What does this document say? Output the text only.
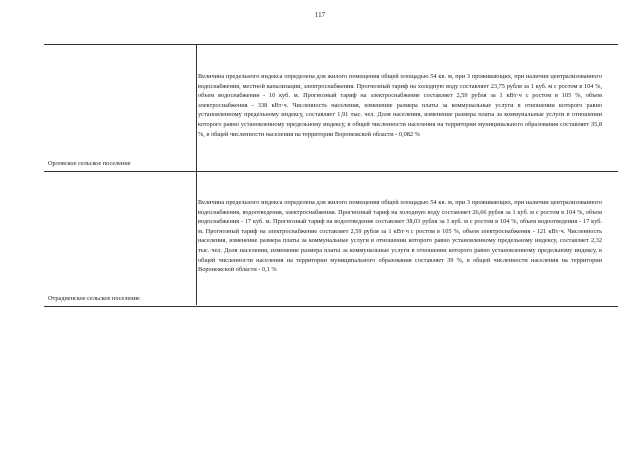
117
Величина предельного индекса определена для жилого помещения общей площадью 54 кв. м, при 3 проживающих, при наличии централизованного водоснабжения, местной канализации, электроснабжения. Прогнозный тариф на холодную воду составляет 23,75 рубля за 1 куб. м с ростом в 104 %, объем водоснабжения - 10 куб. м. Прогнозный тариф на электроснабжение составляет 2,59 рубля за 1 кВт·ч с ростом в 105 %, объем электроснабжения - 338 кВт·ч. Численность населения, изменение размера платы за коммунальные услуги в отношении которого равно установленному предельному индексу, составляет 1,91 тыс. чел. Доля населения, изменение размера платы за коммунальные услуги в отношении которого равно установленному предельному индексу, в общей численности населения на территории муниципального образования составляет 35,8 %, в общей численности населения на территории Воронежской области - 0,082 %
Орловское сельское поселение
Величина предельного индекса определена для жилого помещения общей площадью 54 кв. м, при 3 проживающих, при наличии централизованного водоснабжения, водоотведения, электроснабжения. Прогнозный тариф на холодную воду составляет 26,66 рубля за 1 куб. м с ростом в 104 %, объем водоснабжения - 17 куб. м. Прогнозный тариф на водоотведение составляет 38,03 рубля за 1 куб. м с ростом в 104 %, объем водоотведения - 17 куб. м. Прогнозный тариф на электроснабжение составляет 2,59 рубля за 1 кВт·ч с ростом в 105 %, объем электроснабжения - 121 кВт·ч. Численность населения, изменение размера платы за коммунальные услуги в отношении которого равно установленному предельному индексу, составляет 2,32 тыс. чел. Доля населения, изменение размера платы за коммунальные услуги в отношении которого равно установленному предельному индексу, в общей численности населения на территории муниципального образования составляет 39 %, в общей численности населения на территории Воронежской области - 0,1 %
Отрадненское сельское поселение
